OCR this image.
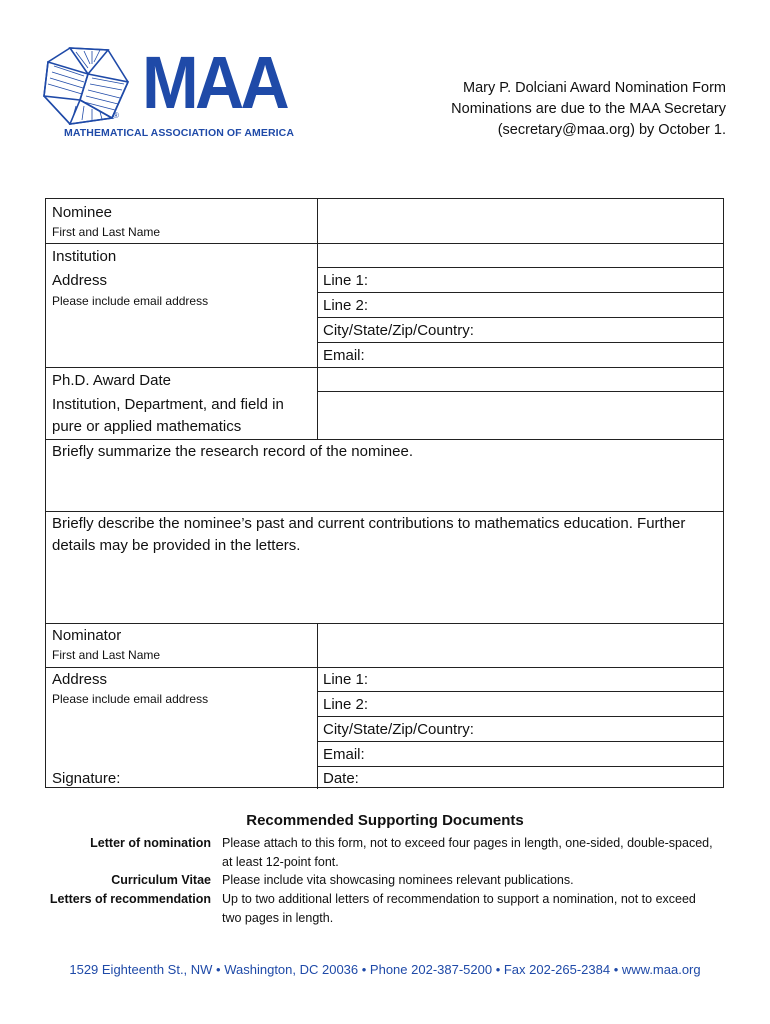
MAA
®
MATHEMATICAL ASSOCIATION OF AMERICA
Mary P. Dolciani Award Nomination Form
Nominations are due to the MAA Secretary
(secretary@maa.org) by October 1.
Nominee
First and Last Name
Institution
Address
Please include email address
Line 1:
Line 2:
City/State/Zip/Country:
Email:
Ph.D. Award Date
Institution, Department, and field in
pure or applied mathematics
Briefly summarize the research record of the nominee.
Briefly describe the nominee’s past and current contributions to mathematics education. Further
details may be provided in the letters.
Nominator
First and Last Name
Address
Please include email address
Line 1:
Line 2:
City/State/Zip/Country:
Email:
Signature:	Date:
Recommended Supporting Documents
Letter of nomination Please attach to this form, not to exceed four pages in length, one-sided, double-spaced,
at least 12-point font.
Curriculum Vitae Please include vita showcasing nominees relevant publications.
Letters of recommendation Up to two additional letters of recommendation to support a nomination, not to exceed
two pages in length.
1529 Eighteenth St., NW • Washington, DC 20036 • Phone 202-387-5200 • Fax 202-265-2384 • www.maa.org
